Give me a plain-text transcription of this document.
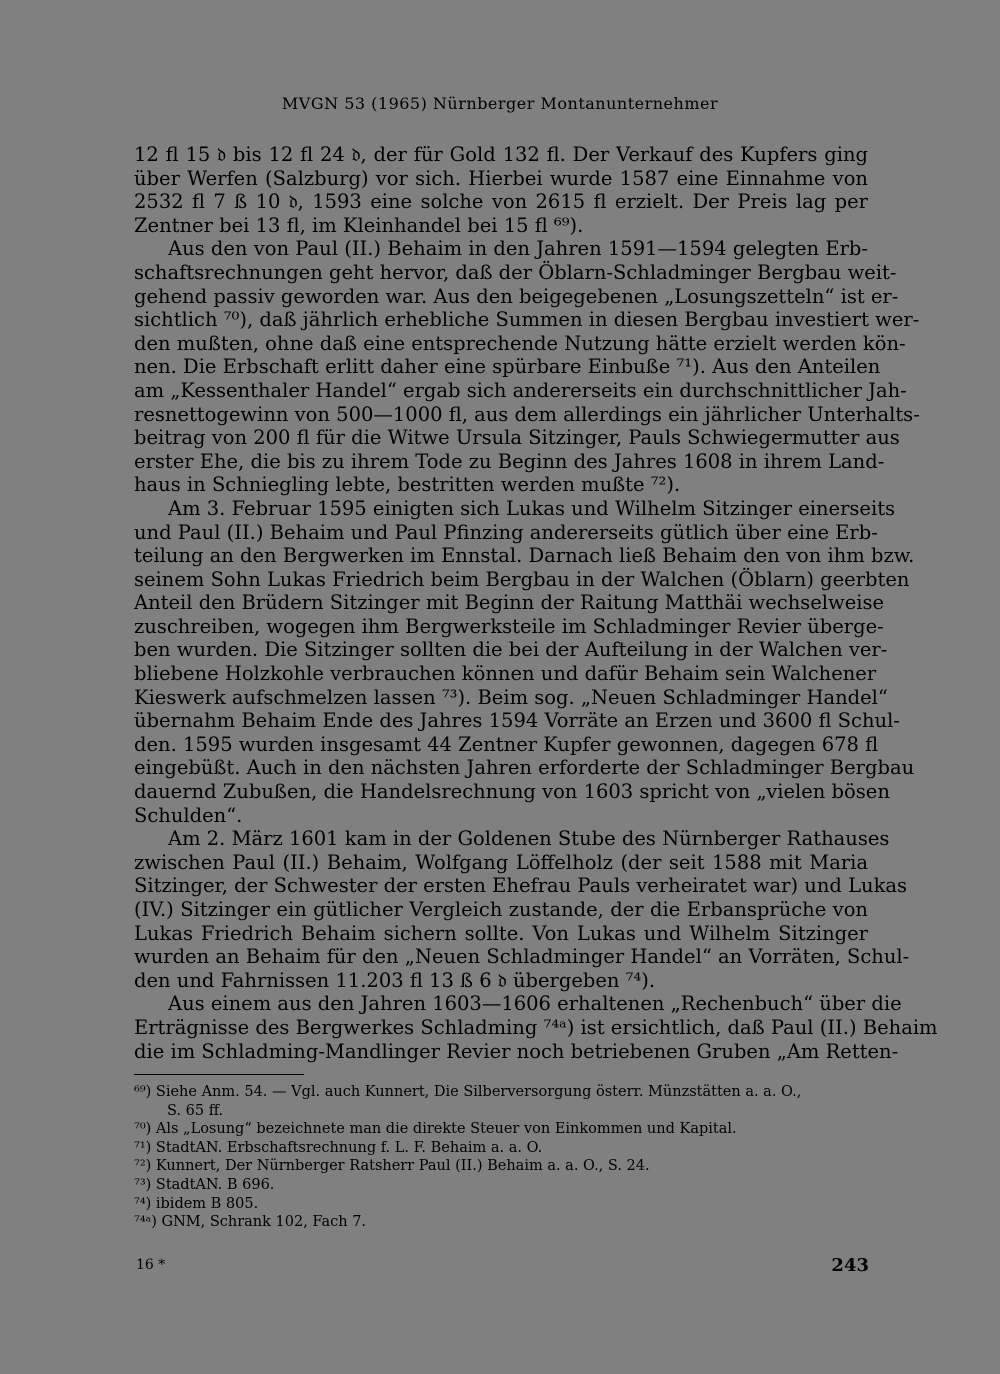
MVGN 53 (1965) Nürnberger Montanunternehmer
12 fl 15 𝔡 bis 12 fl 24 𝔡, der für Gold 132 fl. Der Verkauf des Kupfers ging
über Werfen (Salzburg) vor sich. Hierbei wurde 1587 eine Einnahme von
2532 fl 7 ß 10 𝔡, 1593 eine solche von 2615 fl erzielt. Der Preis lag per
Zentner bei 13 fl, im Kleinhandel bei 15 fl ⁶⁹).
Aus den von Paul (II.) Behaim in den Jahren 1591—1594 gelegten Erb-
schaftsrechnungen geht hervor, daß der Öblarn-Schladminger Bergbau weit-
gehend passiv geworden war. Aus den beigegebenen „Losungszetteln“ ist er-
sichtlich ⁷⁰), daß jährlich erhebliche Summen in diesen Bergbau investiert wer-
den mußten, ohne daß eine entsprechende Nutzung hätte erzielt werden kön-
nen. Die Erbschaft erlitt daher eine spürbare Einbuße ⁷¹). Aus den Anteilen
am „Kessenthaler Handel“ ergab sich andererseits ein durchschnittlicher Jah-
resnettogewinn von 500—1000 fl, aus dem allerdings ein jährlicher Unterhalts-
beitrag von 200 fl für die Witwe Ursula Sitzinger, Pauls Schwiegermutter aus
erster Ehe, die bis zu ihrem Tode zu Beginn des Jahres 1608 in ihrem Land-
haus in Schniegling lebte, bestritten werden mußte ⁷²).
Am 3. Februar 1595 einigten sich Lukas und Wilhelm Sitzinger einerseits
und Paul (II.) Behaim und Paul Pfinzing andererseits gütlich über eine Erb-
teilung an den Bergwerken im Ennstal. Darnach ließ Behaim den von ihm bzw.
seinem Sohn Lukas Friedrich beim Bergbau in der Walchen (Öblarn) geerbten
Anteil den Brüdern Sitzinger mit Beginn der Raitung Matthäi wechselweise
zuschreiben, wogegen ihm Bergwerksteile im Schladminger Revier überge-
ben wurden. Die Sitzinger sollten die bei der Aufteilung in der Walchen ver-
bliebene Holzkohle verbrauchen können und dafür Behaim sein Walchener
Kieswerk aufschmelzen lassen ⁷³). Beim sog. „Neuen Schladminger Handel“
übernahm Behaim Ende des Jahres 1594 Vorräte an Erzen und 3600 fl Schul-
den. 1595 wurden insgesamt 44 Zentner Kupfer gewonnen, dagegen 678 fl
eingebüßt. Auch in den nächsten Jahren erforderte der Schladminger Bergbau
dauernd Zubußen, die Handelsrechnung von 1603 spricht von „vielen bösen
Schulden“.
Am 2. März 1601 kam in der Goldenen Stube des Nürnberger Rathauses
zwischen Paul (II.) Behaim, Wolfgang Löffelholz (der seit 1588 mit Maria
Sitzinger, der Schwester der ersten Ehefrau Pauls verheiratet war) und Lukas
(IV.) Sitzinger ein gütlicher Vergleich zustande, der die Erbansprüche von
Lukas Friedrich Behaim sichern sollte. Von Lukas und Wilhelm Sitzinger
wurden an Behaim für den „Neuen Schladminger Handel“ an Vorräten, Schul-
den und Fahrnissen 11.203 fl 13 ß 6 𝔡 übergeben ⁷⁴).
Aus einem aus den Jahren 1603—1606 erhaltenen „Rechenbuch“ über die
Erträgnisse des Bergwerkes Schladming ⁷⁴ᵃ) ist ersichtlich, daß Paul (II.) Behaim
die im Schladming-Mandlinger Revier noch betriebenen Gruben „Am Retten-
⁶⁹) Siehe Anm. 54. — Vgl. auch Kunnert, Die Silberversorgung österr. Münzstätten a. a. O.,
S. 65 ff.
⁷⁰) Als „Losung“ bezeichnete man die direkte Steuer von Einkommen und Kapital.
⁷¹) StadtAN. Erbschaftsrechnung f. L. F. Behaim a. a. O.
⁷²) Kunnert, Der Nürnberger Ratsherr Paul (II.) Behaim a. a. O., S. 24.
⁷³) StadtAN. B 696.
⁷⁴) ibidem B 805.
⁷⁴ᵃ) GNM, Schrank 102, Fach 7.
16 *	243
